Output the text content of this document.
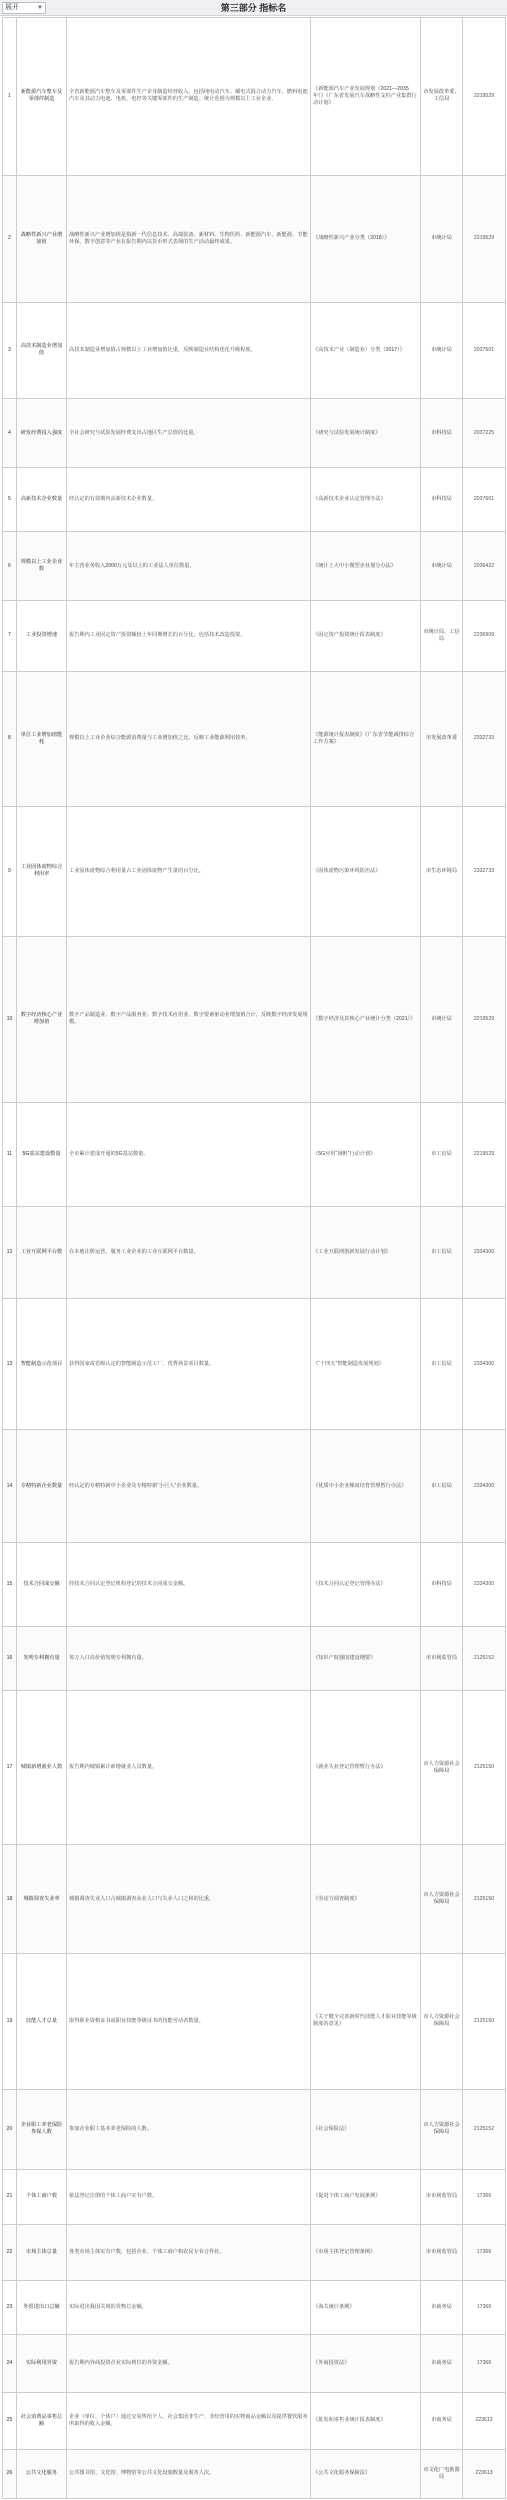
展开	▼	第三部分 指标名
1	新能源汽车整车及零部件制造	全省新能源汽车整车及零部件生产企业制造经营收入，包括纯电动汽车、插电式混合动力汽车、燃料电池汽车及其动力电池、电机、电控等关键零部件的生产制造。统计范围为规模以上工业企业。	《新能源汽车产业发展规划（2021—2035年）》《广东省发展汽车战略性支柱产业集群行动计划》	市发展改革委、工信局	2219529
2	战略性新兴产业增加值	战略性新兴产业增加值是指新一代信息技术、高端装备、新材料、生物医药、新能源汽车、新能源、节能环保、数字创意等产业在报告期内以货币形式表现的生产活动最终成果。	《战略性新兴产业分类（2018）》	市统计局	2219529
3	高技术制造业增加值	高技术制造业增加值占规模以上工业增加值比重，反映制造业结构优化升级程度。	《高技术产业（制造业）分类（2017）》	市统计局	2037601
4	研发经费投入强度	全社会研究与试验发展经费支出占地区生产总值的比重。	《研究与试验发展统计制度》	市科技局	2037225
5	高新技术企业数量	经认定的有效期内高新技术企业数量。	《高新技术企业认定管理办法》	市科技局	2037601
6	规模以上工业企业数	年主营业务收入2000万元及以上的工业法人单位数量。	《统计上大中小微型企业划分办法》	市统计局	2036422
7	工业投资增速	报告期内工业固定资产投资额较上年同期增长的百分比，包括技术改造投资。	《固定资产投资统计报表制度》	市统计局、工信局	2236909
8	单位工业增加值能耗	规模以上工业企业综合能源消费量与工业增加值之比，反映工业能源利用效率。	《能源统计报表制度》《广东省节能减排综合工作方案》	市发展改革委	2332733
9	工业固体废物综合利用率	工业固体废物综合利用量占工业固体废物产生量的百分比。	《固体废物污染环境防治法》	市生态环境局	2332733
10	数字经济核心产业增加值	数字产品制造业、数字产品服务业、数字技术应用业、数字要素驱动业增加值合计，反映数字经济发展规模。	《数字经济及其核心产业统计分类（2021）》	市统计局	2219529
11	5G基站建设数量	全市累计建成开通的5G基站数量。	《5G应用“扬帆”行动计划》	市工信局	2219529
12	工业互联网平台数	在本地注册运营、服务工业企业的工业互联网平台数量。	《工业互联网创新发展行动计划》	市工信局	2334300
13	智能制造示范项目	获得国家或省级认定的智能制造示范工厂、优秀场景项目数量。	《“十四五”智能制造发展规划》	市工信局	2334300
14	专精特新企业数量	经认定的专精特新中小企业及专精特新“小巨人”企业数量。	《优质中小企业梯度培育管理暂行办法》	市工信局	2334300
15	技术合同成交额	经技术合同认定登记机构登记的技术合同成交金额。	《技术合同认定登记管理办法》	市科技局	2334300
16	发明专利拥有量	每万人口高价值发明专利拥有量。	《知识产权强国建设纲要》	市市场监管局	2125152
17	城镇新增就业人数	报告期内城镇累计新增就业人员数量。	《就业失业登记管理暂行办法》	市人力资源社会保障局	2125150
18	城镇调查失业率	城镇调查失业人口占城镇调查从业人口与失业人口之和的比重。	《劳动力调查制度》	市人力资源社会保障局	2125150
19	技能人才总量	取得职业资格证书或职业技能等级证书的技能劳动者数量。	《关于健全完善新时代技能人才职业技能等级制度的意见》	市人力资源社会保障局	2125150
20	企业职工养老保险参保人数	参加企业职工基本养老保险的人数。	《社会保险法》	市人力资源社会保障局	2125152
21	个体工商户数	依法登记注册的个体工商户实有户数。	《促进个体工商户发展条例》	市市场监管局	17366
22	市场主体总量	各类市场主体实有户数，包括企业、个体工商户和农民专业合作社。	《市场主体登记管理条例》	市市场监管局	17366
23	外贸进出口总额	实际进出我国关境的货物总金额。	《海关统计条例》	市商务局	17366
24	实际利用外资	报告期内外商投资企业实际到位的外资金额。	《外商投资法》	市商务局	17366
25	社会消费品零售总额	企业（单位、个体户）通过交易售给个人、社会集团非生产、非经营用的实物商品金额以及提供餐饮服务所取得的收入金额。	《批发和零售业统计报表制度》	市商务局	223613
26	公共文化服务	公共图书馆、文化馆、博物馆等公共文化设施数量及服务人次。	《公共文化服务保障法》	市文化广电旅游局	223613
